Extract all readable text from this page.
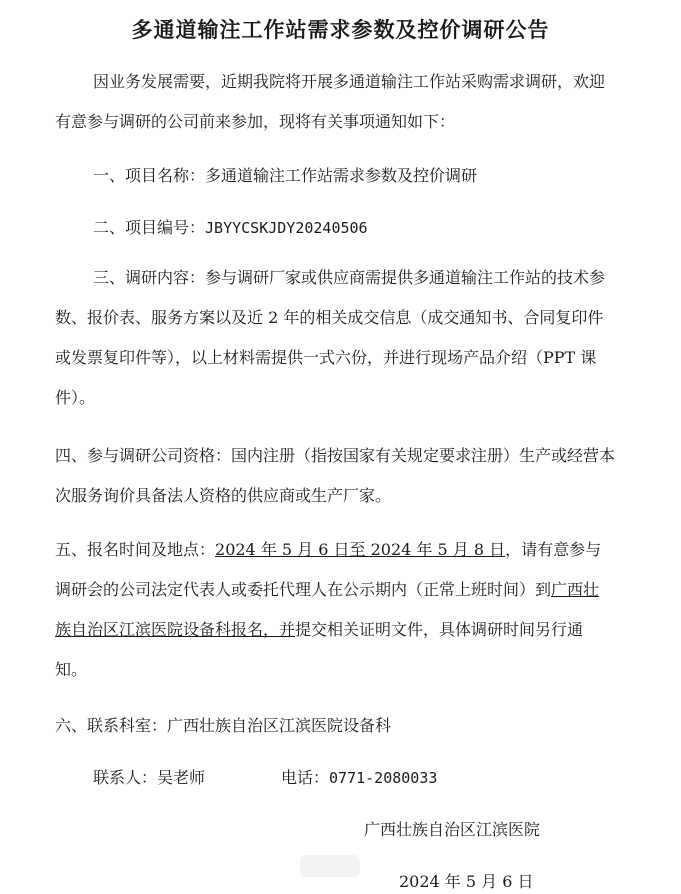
多通道输注工作站需求参数及控价调研公告

因业务发展需要，近期我院将开展多通道输注工作站采购需求调研，欢迎有意参与调研的公司前来参加，现将有关事项通知如下：

一、项目名称：多通道输注工作站需求参数及控价调研
二、项目编号：JBYYCSKJDY20240506

三、调研内容：参与调研厂家或供应商需提供多通道输注工作站的技术参数、报价表、服务方案以及近 2 年的相关成交信息（成交通知书、合同复印件或发票复印件等），以上材料需提供一式六份，并进行现场产品介绍（PPT 课件）。

四、参与调研公司资格：国内注册（指按国家有关规定要求注册）生产或经营本次服务询价具备法人资格的供应商或生产厂家。

五、报名时间及地点：2024 年 5 月 6 日至 2024 年 5 月 8 日，请有意参与调研会的公司法定代表人或委托代理人在公示期内（正常上班时间）到广西壮族自治区江滨医院设备科报名，并提交相关证明文件，具体调研时间另行通知。

六、联系科室：广西壮族自治区江滨医院设备科
联系人：吴老师	电话：0771-2080033
广西壮族自治区江滨医院
2024 年 5 月 6 日
